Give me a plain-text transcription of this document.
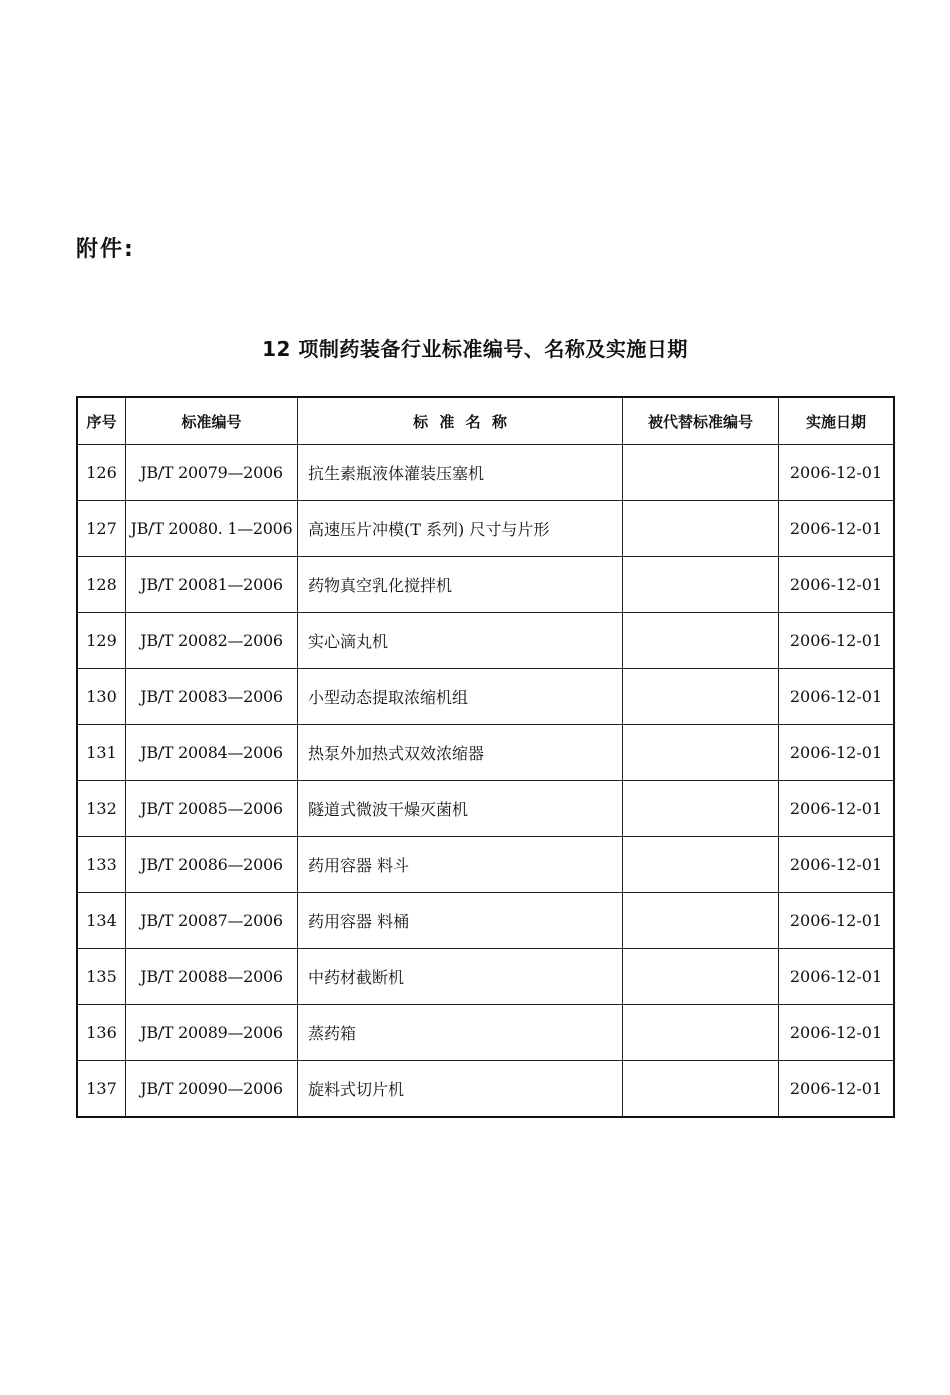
附件:
12 项制药装备行业标准编号、名称及实施日期
序号	标准编号	标 准 名 称	被代替标准编号	实施日期
126	JB/T 20079—2006	抗生素瓶液体灌装压塞机		2006-12-01
127	JB/T 20080. 1—2006	高速压片冲模(T 系列) 尺寸与片形		2006-12-01
128	JB/T 20081—2006	药物真空乳化搅拌机		2006-12-01
129	JB/T 20082—2006	实心滴丸机		2006-12-01
130	JB/T 20083—2006	小型动态提取浓缩机组		2006-12-01
131	JB/T 20084—2006	热泵外加热式双效浓缩器		2006-12-01
132	JB/T 20085—2006	隧道式微波干燥灭菌机		2006-12-01
133	JB/T 20086—2006	药用容器 料斗		2006-12-01
134	JB/T 20087—2006	药用容器 料桶		2006-12-01
135	JB/T 20088—2006	中药材截断机		2006-12-01
136	JB/T 20089—2006	蒸药箱		2006-12-01
137	JB/T 20090—2006	旋料式切片机		2006-12-01
